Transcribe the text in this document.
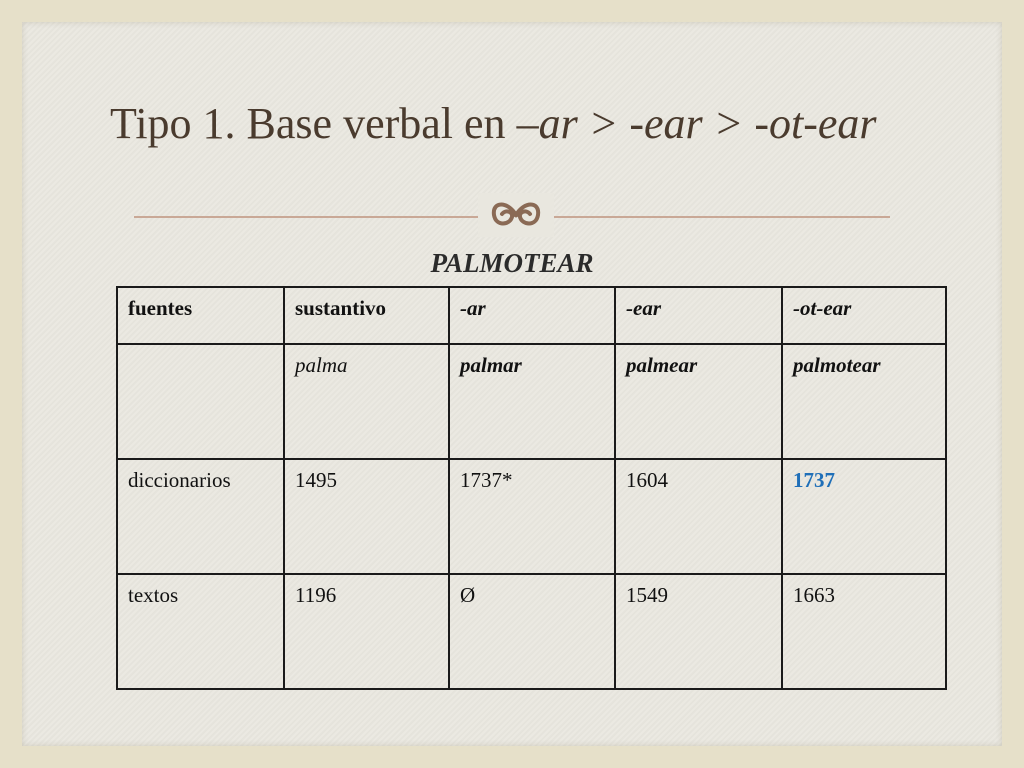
Tipo 1. Base verbal en –ar > -ear > -ot-ear
PALMOTEAR
fuentes	sustantivo	-ar	-ear	-ot-ear
	palma	palmar	palmear	palmotear
diccionarios	1495	1737*	1604	1737
textos	1196	Ø	1549	1663
